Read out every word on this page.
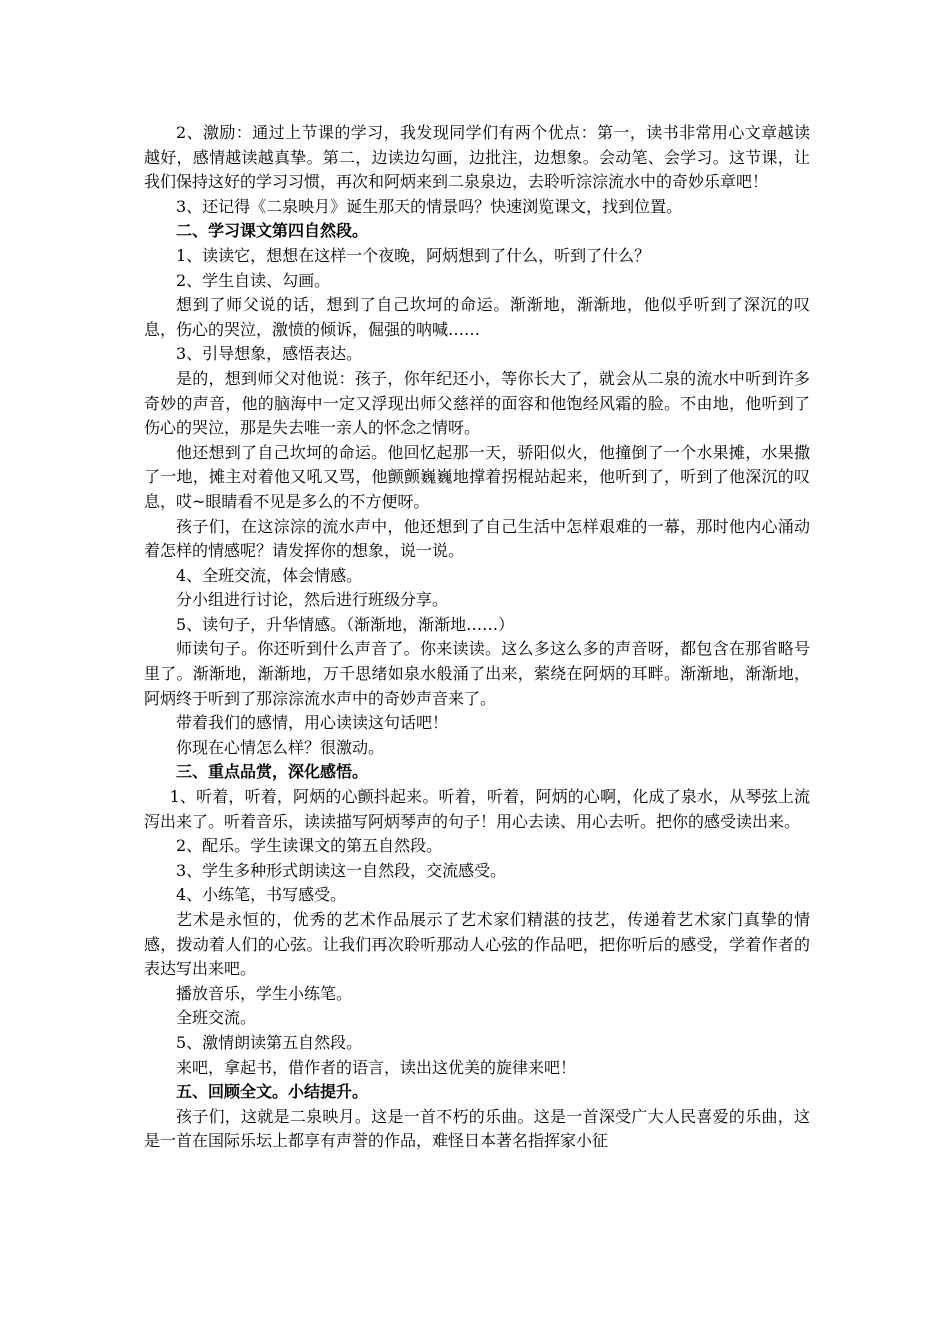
2、激励：通过上节课的学习，我发现同学们有两个优点：第一，读书非常用心文章越读越好，感情越读越真挚。第二，边读边勾画，边批注，边想象。会动笔、会学习。这节课，让我们保持这好的学习习惯，再次和阿炳来到二泉泉边，去聆听淙淙流水中的奇妙乐章吧！

3、还记得《二泉映月》诞生那天的情景吗？快速浏览课文，找到位置。

二、学习课文第四自然段。

1、读读它，想想在这样一个夜晚，阿炳想到了什么，听到了什么？

2、学生自读、勾画。

想到了师父说的话，想到了自己坎坷的命运。渐渐地，渐渐地，他似乎听到了深沉的叹息，伤心的哭泣，激愤的倾诉，倔强的呐喊……

3、引导想象，感悟表达。

是的，想到师父对他说：孩子，你年纪还小，等你长大了，就会从二泉的流水中听到许多奇妙的声音，他的脑海中一定又浮现出师父慈祥的面容和他饱经风霜的脸。不由地，他听到了伤心的哭泣，那是失去唯一亲人的怀念之情呀。

他还想到了自己坎坷的命运。他回忆起那一天，骄阳似火，他撞倒了一个水果摊，水果撒了一地，摊主对着他又吼又骂，他颤颤巍巍地撑着拐棍站起来，他听到了，听到了他深沉的叹息，哎~眼睛看不见是多么的不方便呀。

孩子们，在这淙淙的流水声中，他还想到了自己生活中怎样艰难的一幕，那时他内心涌动着怎样的情感呢？请发挥你的想象，说一说。

4、全班交流，体会情感。

分小组进行讨论，然后进行班级分享。

5、读句子，升华情感。（渐渐地，渐渐地……）

师读句子。你还听到什么声音了。你来读读。这么多这么多的声音呀，都包含在那省略号里了。渐渐地，渐渐地，万千思绪如泉水般涌了出来，萦绕在阿炳的耳畔。渐渐地，渐渐地，阿炳终于听到了那淙淙流水声中的奇妙声音来了。

带着我们的感情，用心读读这句话吧！

你现在心情怎么样？很激动。

三、重点品赏，深化感悟。

1、听着，听着，阿炳的心颤抖起来。听着，听着，阿炳的心啊，化成了泉水，从琴弦上流泻出来了。听着音乐，读读描写阿炳琴声的句子！用心去读、用心去听。把你的感受读出来。

2、配乐。学生读课文的第五自然段。

3、学生多种形式朗读这一自然段，交流感受。

4、小练笔，书写感受。

艺术是永恒的，优秀的艺术作品展示了艺术家们精湛的技艺，传递着艺术家门真挚的情感，拨动着人们的心弦。让我们再次聆听那动人心弦的作品吧，把你听后的感受，学着作者的表达写出来吧。

播放音乐，学生小练笔。

全班交流。

5、激情朗读第五自然段。

来吧，拿起书，借作者的语言，读出这优美的旋律来吧！

五、回顾全文。小结提升。

孩子们，这就是二泉映月。这是一首不朽的乐曲。这是一首深受广大人民喜爱的乐曲，这是一首在国际乐坛上都享有声誉的作品，难怪日本著名指挥家小征
